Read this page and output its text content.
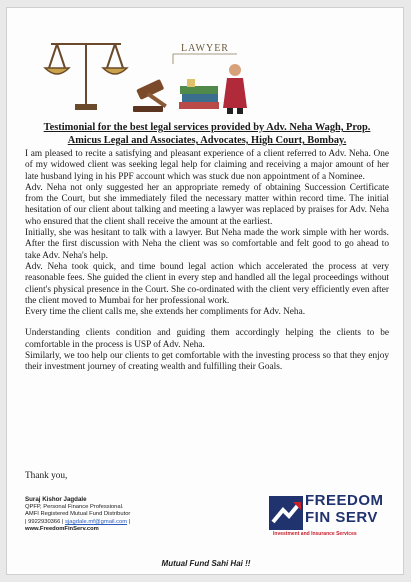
LAWYER
Testimonial for the best legal services provided by Adv. Neha Wagh, Prop.
Amicus Legal and Associates, Advocates, High Court, Bombay.

I am pleased to recite a satisfying and pleasant experience of a client referred to Adv. Neha. One of my widowed client was seeking legal help for claiming and receiving a major amount of her late husband lying in his PPF account which was stuck due non appointment of a Nominee.

Adv. Neha not only suggested her an appropriate remedy of obtaining Succession Certificate from the Court, but she immediately filed the necessary matter within record time. The initial hesitation of our client about talking and meeting a lawyer was replaced by praises for Adv. Neha who ensured that the client shall receive the amount at the earliest.

Initially, she was hesitant to talk with a lawyer. But Neha made the work simple with her words. After the first discussion with Neha the client was so comfortable and felt good to go ahead to take Adv. Neha's help.

Adv. Neha took quick, and time bound legal action which accelerated the process at very reasonable fees. She guided the client in every step and handled all the legal proceedings without client's physical presence in the Court. She co-ordinated with the client very efficiently even after the client moved to Mumbai for her professional work.

Every time the client calls me, she extends her compliments for Adv. Neha.

Understanding clients condition and guiding them accordingly helping the clients to be comfortable in the process is USP of Adv. Neha.

Similarly, we too help our clients to get comfortable with the investing process so that they enjoy their investment journey of creating wealth and fulfilling their Goals.

Thank you,
Suraj Kishor Jagdale
QPFP, Personal Finance Professional.
AMFI Registered Mutual Fund Distributor
| 9922930366 | sjagdale.mf@gmail.com |
www.FreedomFinServ.com
FREEDOM
FIN SERV
Investment and Insurance Services
Mutual Fund Sahi Hai !!
